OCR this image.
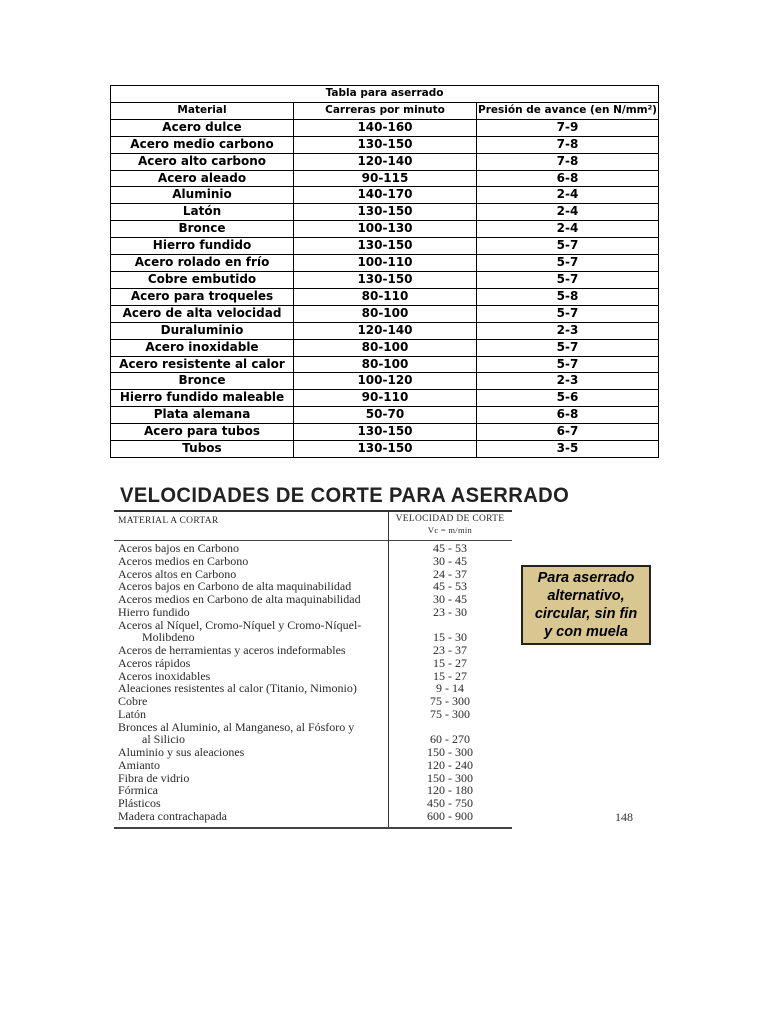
Tabla para aserrado		
Material	Carreras por minuto	Presión de avance (en N/mm²)
Acero dulce	140-160	7-9
Acero medio carbono	130-150	7-8
Acero alto carbono	120-140	7-8
Acero aleado	90-115	6-8
Aluminio	140-170	2-4
Latón	130-150	2-4
Bronce	100-130	2-4
Hierro fundido	130-150	5-7
Acero rolado en frío	100-110	5-7
Cobre embutido	130-150	5-7
Acero para troqueles	80-110	5-8
Acero de alta velocidad	80-100	5-7
Duraluminio	120-140	2-3
Acero inoxidable	80-100	5-7
Acero resistente al calor	80-100	5-7
Bronce	100-120	2-3
Hierro fundido maleable	90-110	5-6
Plata alemana	50-70	6-8
Acero para tubos	130-150	6-7
Tubos	130-150	3-5
VELOCIDADES DE CORTE PARA ASERRADO
MATERIAL A CORTAR	VELOCIDAD DE CORTE
Vc = m/min
Aceros bajos en Carbono	45 - 53
Aceros medios en Carbono	30 - 45
Aceros altos en Carbono	24 - 37
Aceros bajos en Carbono de alta maquinabilidad	45 - 53
Aceros medios en Carbono de alta maquinabilidad	30 - 45
Hierro fundido	23 - 30
Aceros al Níquel, Cromo-Níquel y Cromo-Níquel-
Molibdeno	15 - 30
Aceros de herramientas y aceros indeformables	23 - 37
Aceros rápidos	15 - 27
Aceros inoxidables	15 - 27
Aleaciones resistentes al calor (Titanio, Nimonio)	9 - 14
Cobre	75 - 300
Latón	75 - 300
Bronces al Aluminio, al Manganeso, al Fósforo y
al Silicio	60 - 270
Aluminio y sus aleaciones	150 - 300
Amianto	120 - 240
Fibra de vidrio	150 - 300
Fórmica	120 - 180
Plásticos	450 - 750
Madera contrachapada	600 - 900
Para aserrado
alternativo,
circular, sin fin
y con muela
148
